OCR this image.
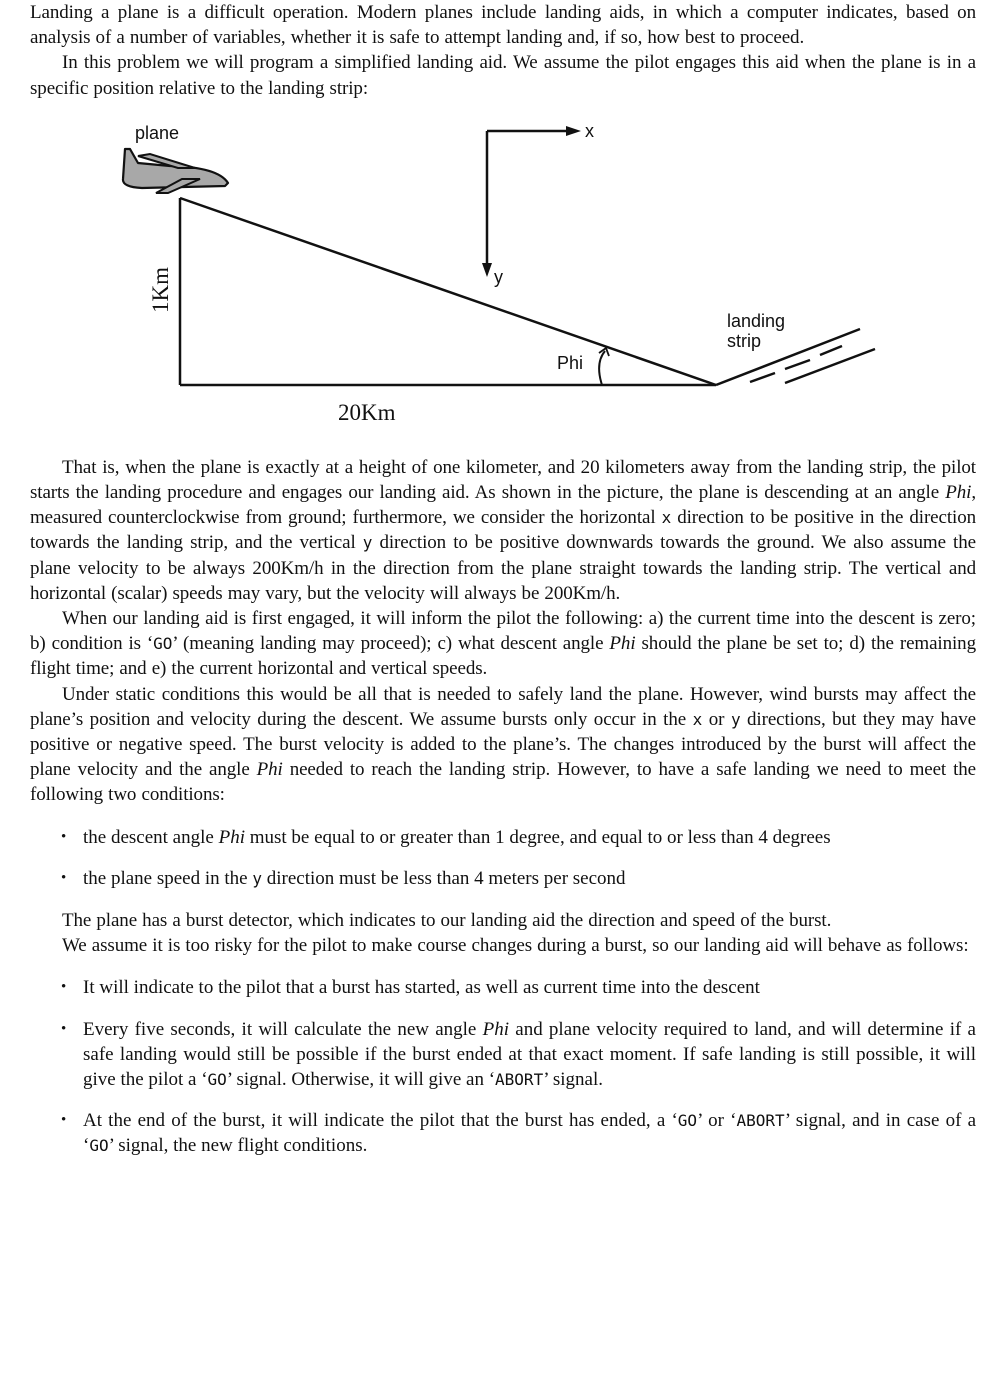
Landing a plane is a difficult operation. Modern planes include landing aids, in which a computer indicates, based on analysis of a number of variables, whether it is safe to attempt landing and, if so, how best to proceed.

In this problem we will program a simplified landing aid. We assume the pilot engages this aid when the plane is in a specific position relative to the landing strip:

plane
Phi
landing
strip
x
y
1Km
20Km

That is, when the plane is exactly at a height of one kilometer, and 20 kilometers away from the landing strip, the pilot starts the landing procedure and engages our landing aid. As shown in the picture, the plane is descending at an angle Phi, measured counterclockwise from ground; furthermore, we consider the horizontal x direction to be positive in the direction towards the landing strip, and the vertical y direction to be positive downwards towards the ground. We also assume the plane velocity to be always 200Km/h in the direction from the plane straight towards the landing strip. The vertical and horizontal (scalar) speeds may vary, but the velocity will always be 200Km/h.

When our landing aid is first engaged, it will inform the pilot the following: a) the current time into the descent is zero; b) condition is ‘GO’ (meaning landing may proceed); c) what descent angle Phi should the plane be set to; d) the remaining flight time; and e) the current horizontal and vertical speeds.

Under static conditions this would be all that is needed to safely land the plane. However, wind bursts may affect the plane’s position and velocity during the descent. We assume bursts only occur in the x or y directions, but they may have positive or negative speed. The burst velocity is added to the plane’s. The changes introduced by the burst will affect the plane velocity and the angle Phi needed to reach the landing strip. However, to have a safe landing we need to meet the following two conditions:

• the descent angle Phi must be equal to or greater than 1 degree, and equal to or less than 4 degrees
• the plane speed in the y direction must be less than 4 meters per second

The plane has a burst detector, which indicates to our landing aid the direction and speed of the burst.

We assume it is too risky for the pilot to make course changes during a burst, so our landing aid will behave as follows:

• It will indicate to the pilot that a burst has started, as well as current time into the descent
• Every five seconds, it will calculate the new angle Phi and plane velocity required to land, and will determine if a safe landing would still be possible if the burst ended at that exact moment. If safe landing is still possible, it will give the pilot a ‘GO’ signal. Otherwise, it will give an ‘ABORT’ signal.
• At the end of the burst, it will indicate the pilot that the burst has ended, a ‘GO’ or ‘ABORT’ signal, and in case of a ‘GO’ signal, the new flight conditions.
